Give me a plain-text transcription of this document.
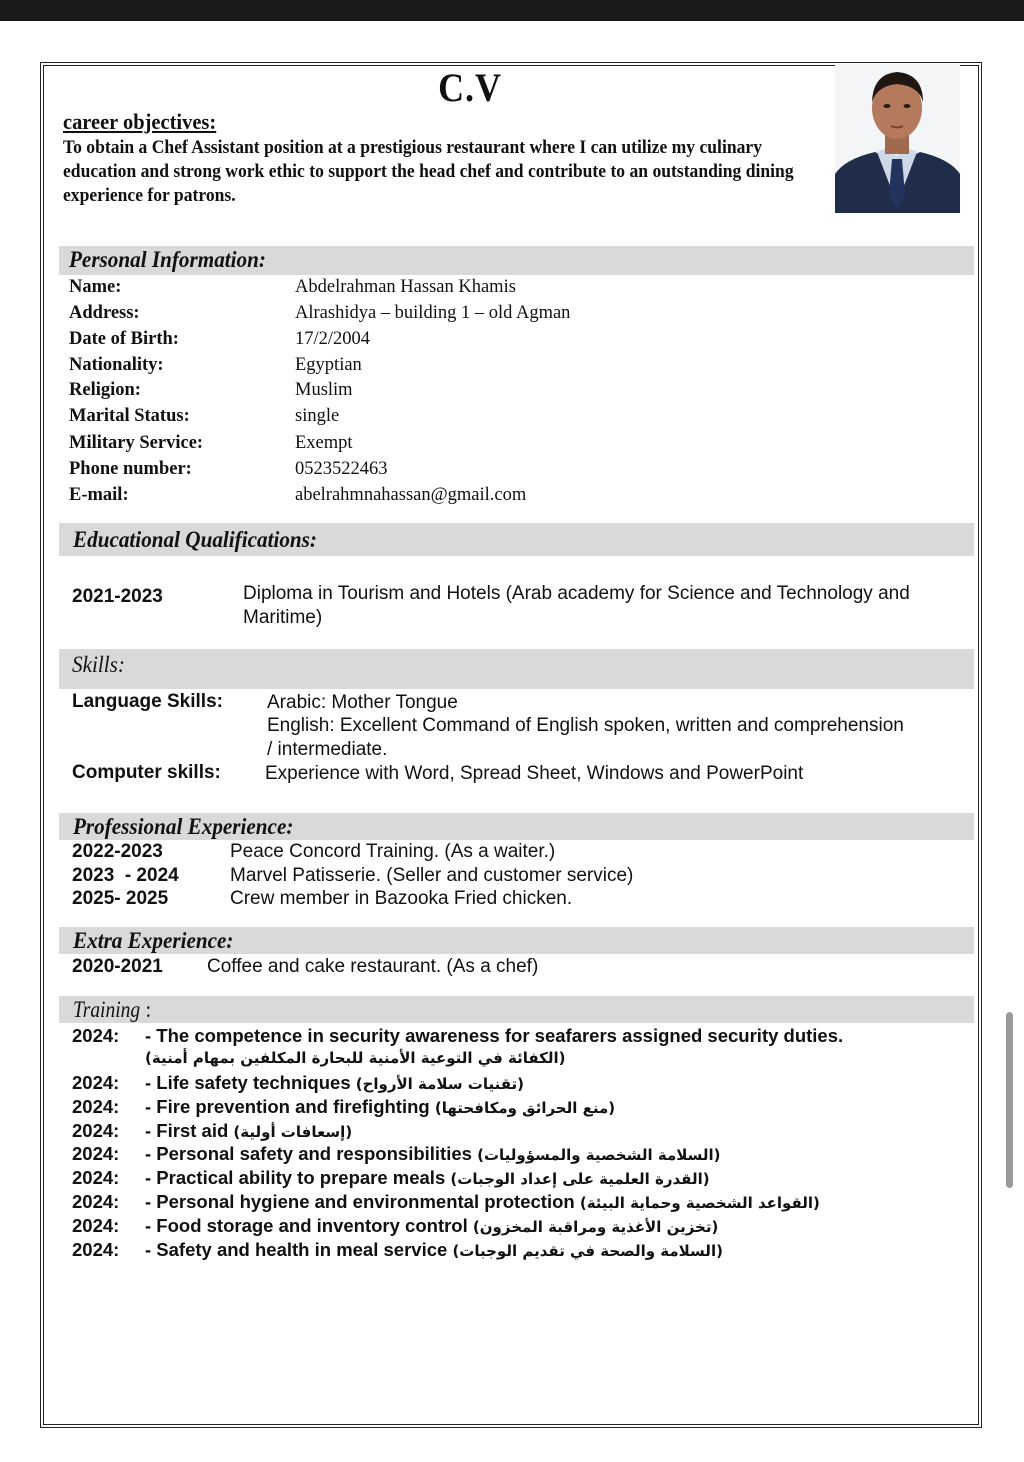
C.V
career objectives:
To obtain a Chef Assistant position at a prestigious restaurant where I can utilize my culinary education and strong work ethic to support the head chef and contribute to an outstanding dining experience for patrons.
Personal Information:
Name:	Abdelrahman Hassan Khamis
Address:	Alrashidya – building 1 – old Agman
Date of Birth:	17/2/2004
Nationality:	Egyptian
Religion:	Muslim
Marital Status:	single
Military Service:	Exempt
Phone number:	0523522463
E-mail:	abelrahmnahassan@gmail.com
Educational Qualifications:
2021-2023	Diploma in Tourism and Hotels (Arab academy for Science and Technology and Maritime)
Skills:
Language Skills: Arabic: Mother Tongue
English: Excellent Command of English spoken, written and comprehension
/ intermediate.
Computer skills: Experience with Word, Spread Sheet, Windows and PowerPoint
Professional Experience:
2022-2023	Peace Concord Training. (As a waiter.)
2023  - 2024	Marvel Patisserie. (Seller and customer service)
2025- 2025	Crew member in Bazooka Fried chicken.
Extra Experience:
2020-2021 Coffee and cake restaurant. (As a chef)
Training :
2024: - The competence in security awareness for seafarers assigned security duties.
(الكفائة في التوعية الأمنية للبحارة المكلفين بمهام أمنية)
2024: - Life safety techniques (تقنيات سلامة الأرواح)
2024: - Fire prevention and firefighting (منع الحرائق ومكافحتها)
2024: - First aid (إسعافات أولية)
2024: - Personal safety and responsibilities (السلامة الشخصية والمسؤوليات)
2024: - Practical ability to prepare meals (القدرة العلمية على إعداد الوجبات)
2024: - Personal hygiene and environmental protection (القواعد الشخصية وحماية البيئة)
2024: - Food storage and inventory control (تخزين الأغذية ومراقبة المخزون)
2024: - Safety and health in meal service (السلامة والصحة في تقديم الوجبات)
